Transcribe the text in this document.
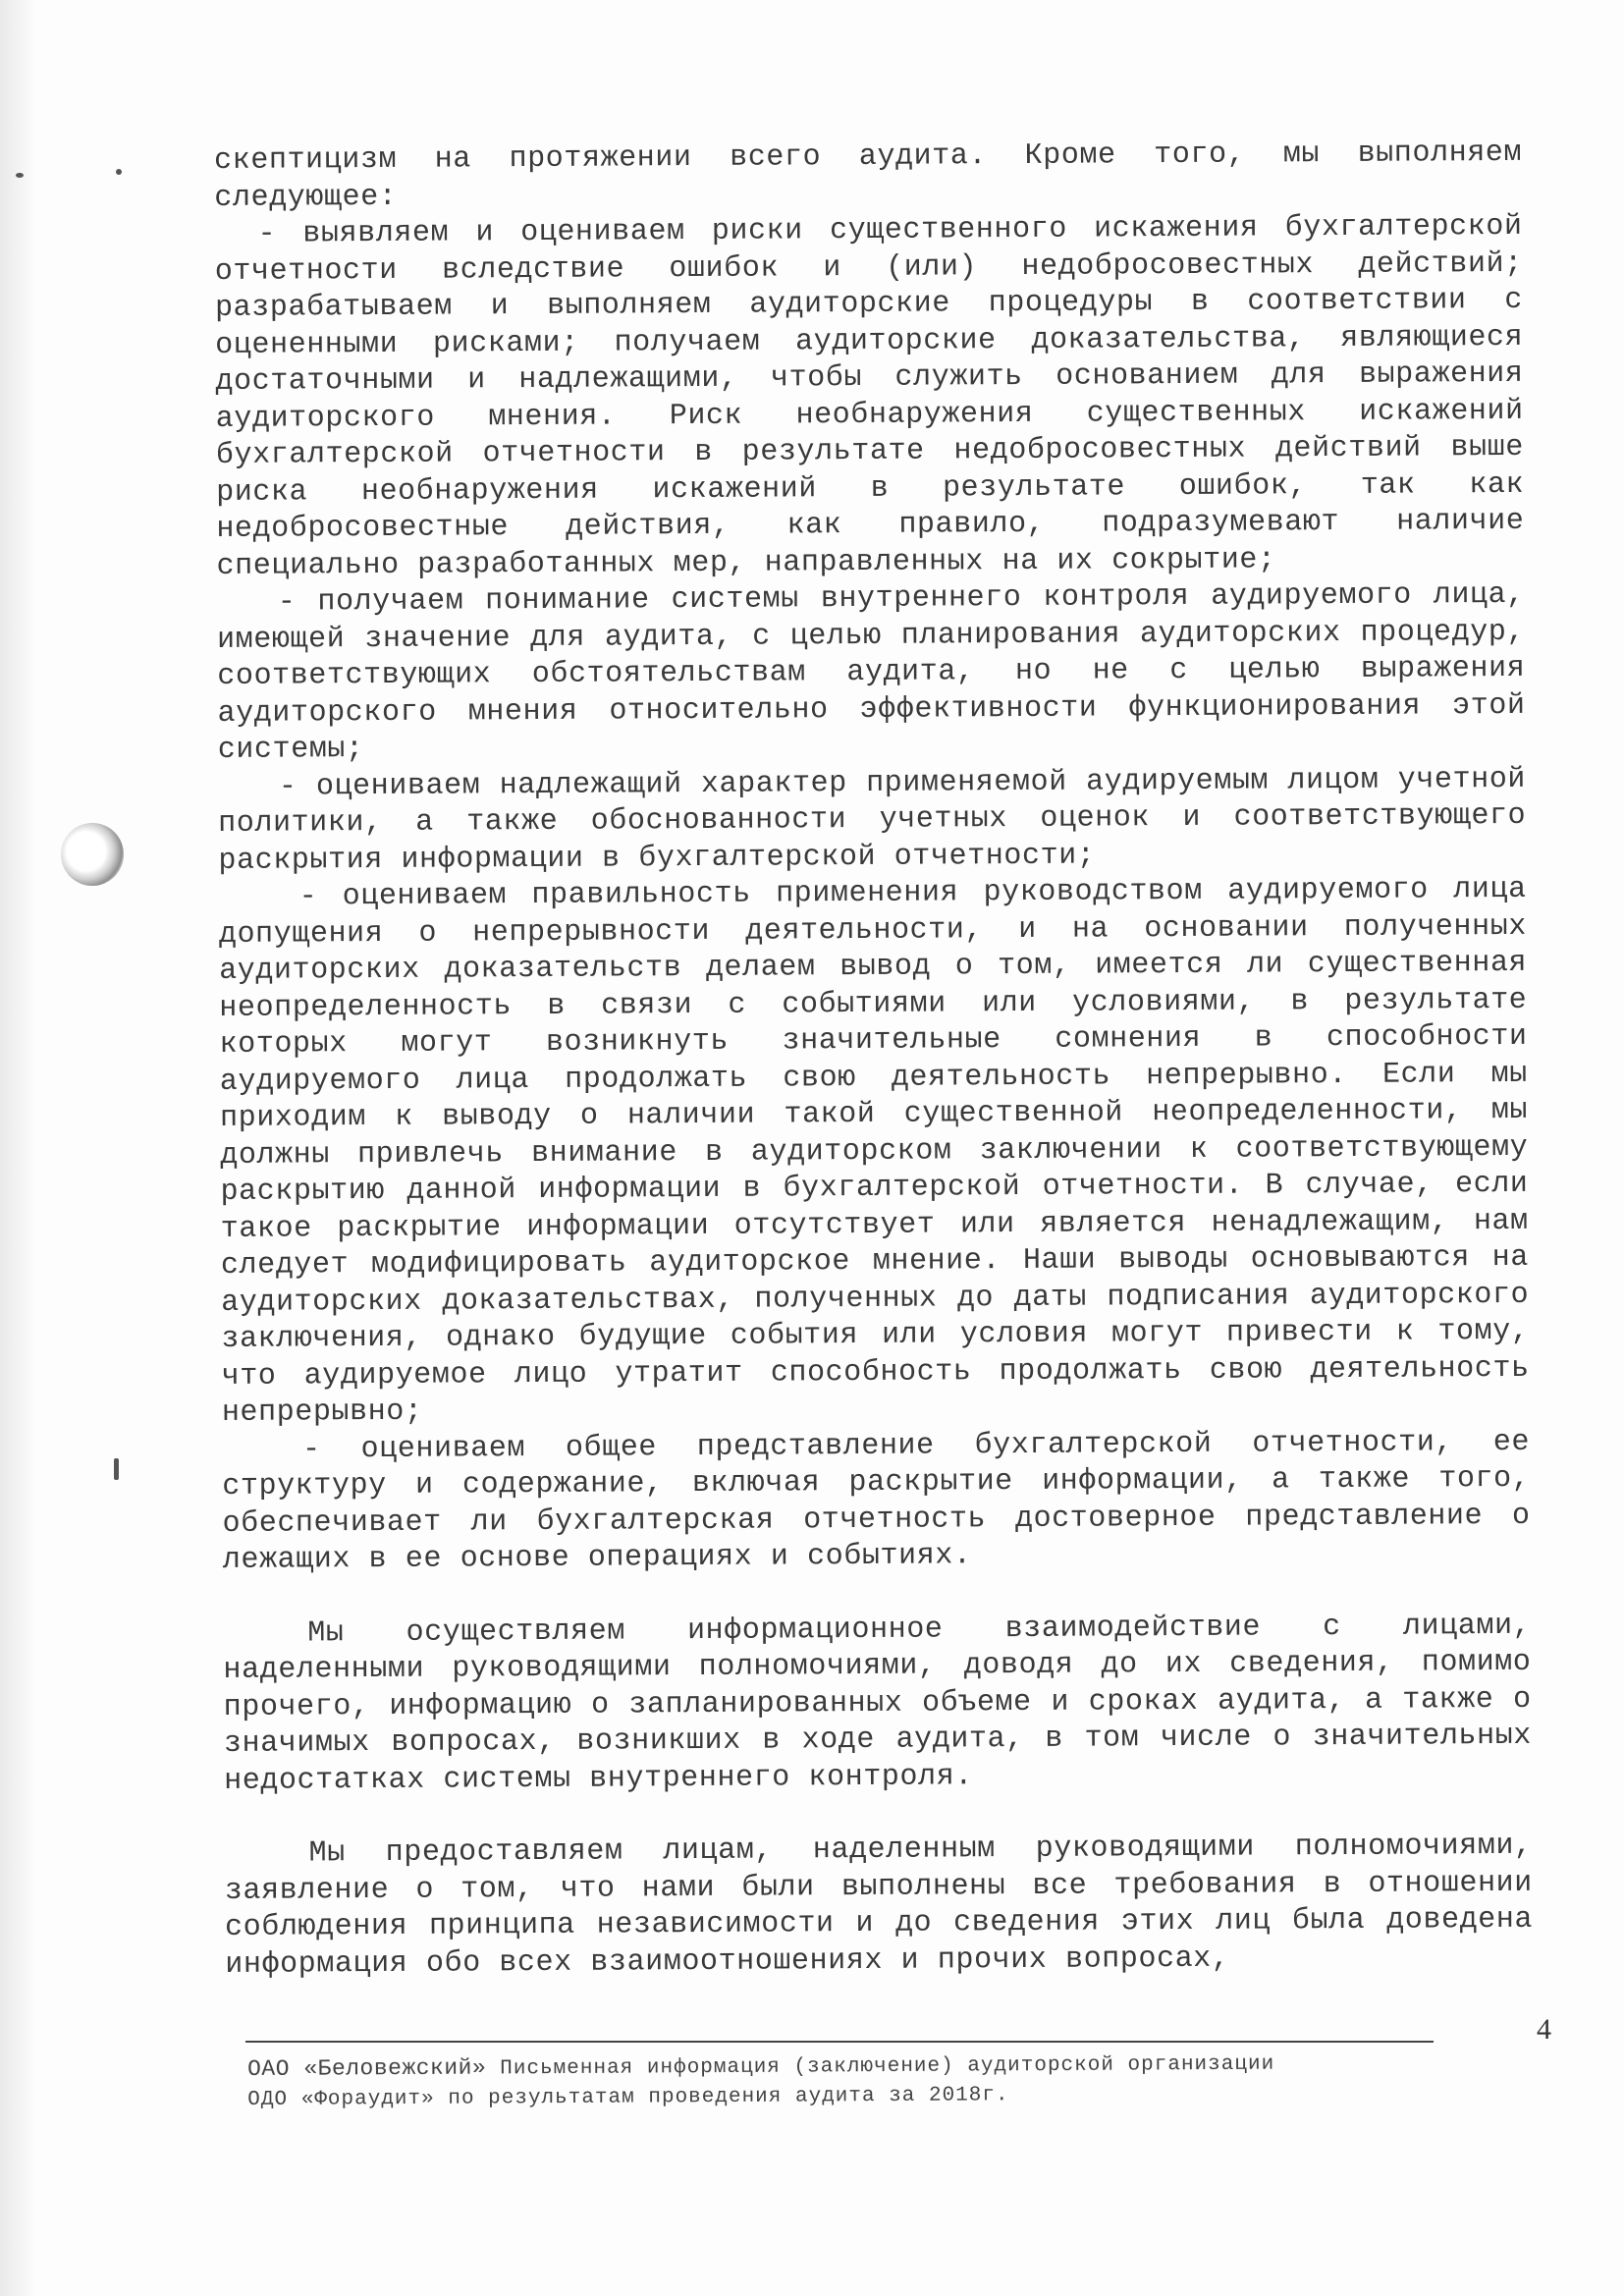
скептицизм на протяжении всего аудита. Кроме того, мы выполняем следующее:

- выявляем и оцениваем риски существенного искажения бухгалтерской отчетности вследствие ошибок и (или) недобросовестных действий; разрабатываем и выполняем аудиторские процедуры в соответствии с оцененными рисками; получаем аудиторские доказательства, являющиеся достаточными и надлежащими, чтобы служить основанием для выражения аудиторского мнения. Риск необнаружения существенных искажений бухгалтерской отчетности в результате недобросовестных действий выше риска необнаружения искажений в результате ошибок, так как недобросовестные действия, как правило, подразумевают наличие специально разработанных мер, направленных на их сокрытие;

- получаем понимание системы внутреннего контроля аудируемого лица, имеющей значение для аудита, с целью планирования аудиторских процедур, соответствующих обстоятельствам аудита, но не с целью выражения аудиторского мнения относительно эффективности функционирования этой системы;

- оцениваем надлежащий характер применяемой аудируемым лицом учетной политики, а также обоснованности учетных оценок и соответствующего раскрытия информации в бухгалтерской отчетности;

- оцениваем правильность применения руководством аудируемого лица допущения о непрерывности деятельности, и на основании полученных аудиторских доказательств делаем вывод о том, имеется ли существенная неопределенность в связи с событиями или условиями, в результате которых могут возникнуть значительные сомнения в способности аудируемого лица продолжать свою деятельность непрерывно. Если мы приходим к выводу о наличии такой существенной неопределенности, мы должны привлечь внимание в аудиторском заключении к соответствующему раскрытию данной информации в бухгалтерской отчетности. В случае, если такое раскрытие информации отсутствует или является ненадлежащим, нам следует модифицировать аудиторское мнение. Наши выводы основываются на аудиторских доказательствах, полученных до даты подписания аудиторского заключения, однако будущие события или условия могут привести к тому, что аудируемое лицо утратит способность продолжать свою деятельность непрерывно;

- оцениваем общее представление бухгалтерской отчетности, ее структуру и содержание, включая раскрытие информации, а также того, обеспечивает ли бухгалтерская отчетность достоверное представление о лежащих в ее основе операциях и событиях.

Мы осуществляем информационное взаимодействие с лицами, наделенными руководящими полномочиями, доводя до их сведения, помимо прочего, информацию о запланированных объеме и сроках аудита, а также о значимых вопросах, возникших в ходе аудита, в том числе о значительных недостатках системы внутреннего контроля.

Мы предоставляем лицам, наделенным руководящими полномочиями, заявление о том, что нами были выполнены все требования в отношении соблюдения принципа независимости и до сведения этих лиц была доведена информация обо всех взаимоотношениях и прочих вопросах,

4

ОАО «Беловежский» Письменная информация (заключение) аудиторской организации

ОДО «Фораудит» по результатам проведения аудита за 2018г.
